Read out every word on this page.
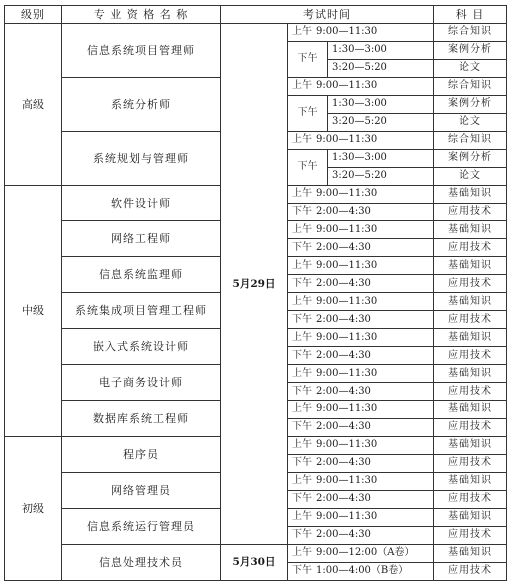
级别	专 业 资 格 名 称	考试时间			科 目
高级	信息系统项目管理师	5月29日	上午 9:00—11:30		综合知识
			下午	1:30—3:00	案例分析
				3:20—5:20	论文
	系统分析师		上午 9:00—11:30		综合知识
			下午	1:30—3:00	案例分析
				3:20—5:20	论文
	系统规划与管理师		上午 9:00—11:30		综合知识
			下午	1:30—3:00	案例分析
				3:20—5:20	论文
中级	软件设计师		上午 9:00—11:30		基础知识
			下午 2:00—4:30		应用技术
	网络工程师		上午 9:00—11:30		基础知识
			下午 2:00—4:30		应用技术
	信息系统监理师		上午 9:00—11:30		基础知识
			下午 2:00—4:30		应用技术
	系统集成项目管理工程师		上午 9:00—11:30		基础知识
			下午 2:00—4:30		应用技术
	嵌入式系统设计师		上午 9:00—11:30		基础知识
			下午 2:00—4:30		应用技术
	电子商务设计师		上午 9:00—11:30		基础知识
			下午 2:00—4:30		应用技术
	数据库系统工程师		上午 9:00—11:30		基础知识
			下午 2:00—4:30		应用技术
初级	程序员		上午 9:00—11:30		基础知识
			下午 2:00—4:30		应用技术
	网络管理员		上午 9:00—11:30		基础知识
			下午 2:00—4:30		应用技术
	信息系统运行管理员		上午 9:00—11:30		基础知识
			下午 2:00—4:30		应用技术
	信息处理技术员	5月30日	上午 9:00—12:00（A卷）		基础知识
			下午 1:00—4:00（B卷）		应用技术
